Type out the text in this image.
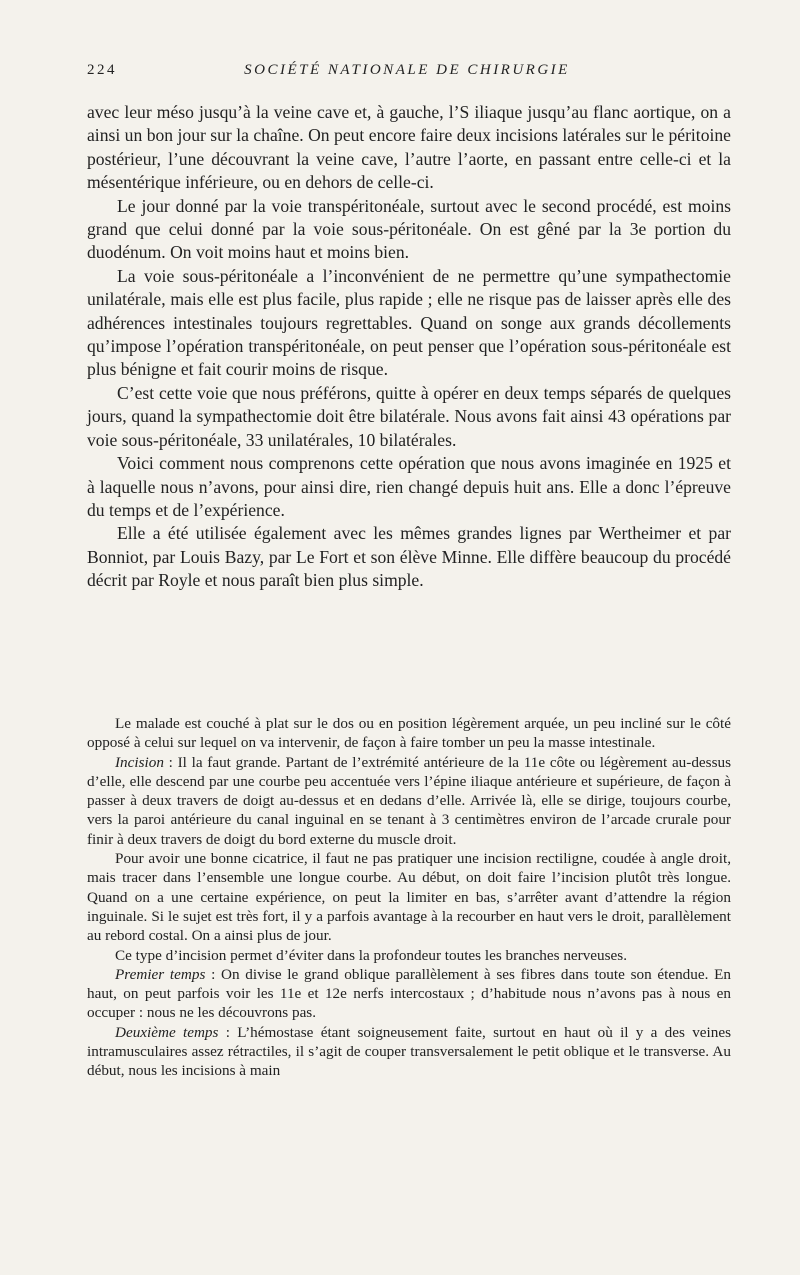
224	SOCIÉTÉ NATIONALE DE CHIRURGIE

avec leur méso jusqu’à la veine cave et, à gauche, l’S iliaque jusqu’au flanc aortique, on a ainsi un bon jour sur la chaîne. On peut encore faire deux incisions latérales sur le péritoine postérieur, l’une découvrant la veine cave, l’autre l’aorte, en passant entre celle-ci et la mésentérique inférieure, ou en dehors de celle-ci.

Le jour donné par la voie transpéritonéale, surtout avec le second procédé, est moins grand que celui donné par la voie sous-péritonéale. On est gêné par la 3e portion du duodénum. On voit moins haut et moins bien.

La voie sous-péritonéale a l’inconvénient de ne permettre qu’une sympathectomie unilatérale, mais elle est plus facile, plus rapide ; elle ne risque pas de laisser après elle des adhérences intestinales toujours regrettables. Quand on songe aux grands décollements qu’impose l’opération transpéritonéale, on peut penser que l’opération sous-péritonéale est plus bénigne et fait courir moins de risque.

C’est cette voie que nous préférons, quitte à opérer en deux temps séparés de quelques jours, quand la sympathectomie doit être bilatérale. Nous avons fait ainsi 43 opérations par voie sous-péritonéale, 33 unilatérales, 10 bilatérales.

Voici comment nous comprenons cette opération que nous avons imaginée en 1925 et à laquelle nous n’avons, pour ainsi dire, rien changé depuis huit ans. Elle a donc l’épreuve du temps et de l’expérience.

Elle a été utilisée également avec les mêmes grandes lignes par Wertheimer et par Bonniot, par Louis Bazy, par Le Fort et son élève Minne. Elle diffère beaucoup du procédé décrit par Royle et nous paraît bien plus simple.

Le malade est couché à plat sur le dos ou en position légèrement arquée, un peu incliné sur le côté opposé à celui sur lequel on va intervenir, de façon à faire tomber un peu la masse intestinale.

Incision : Il la faut grande. Partant de l’extrémité antérieure de la 11e côte ou légèrement au-dessus d’elle, elle descend par une courbe peu accentuée vers l’épine iliaque antérieure et supérieure, de façon à passer à deux travers de doigt au-dessus et en dedans d’elle. Arrivée là, elle se dirige, toujours courbe, vers la paroi antérieure du canal inguinal en se tenant à 3 centimètres environ de l’arcade crurale pour finir à deux travers de doigt du bord externe du muscle droit.

Pour avoir une bonne cicatrice, il faut ne pas pratiquer une incision rectiligne, coudée à angle droit, mais tracer dans l’ensemble une longue courbe. Au début, on doit faire l’incision plutôt très longue. Quand on a une certaine expérience, on peut la limiter en bas, s’arrêter avant d’attendre la région inguinale. Si le sujet est très fort, il y a parfois avantage à la recourber en haut vers le droit, parallèlement au rebord costal. On a ainsi plus de jour.

Ce type d’incision permet d’éviter dans la profondeur toutes les branches nerveuses.

Premier temps : On divise le grand oblique parallèlement à ses fibres dans toute son étendue. En haut, on peut parfois voir les 11e et 12e nerfs intercostaux ; d’habitude nous n’avons pas à nous en occuper : nous ne les découvrons pas.

Deuxième temps : L’hémostase étant soigneusement faite, surtout en haut où il y a des veines intramusculaires assez rétractiles, il s’agit de couper transversalement le petit oblique et le transverse. Au début, nous les incisions à main
